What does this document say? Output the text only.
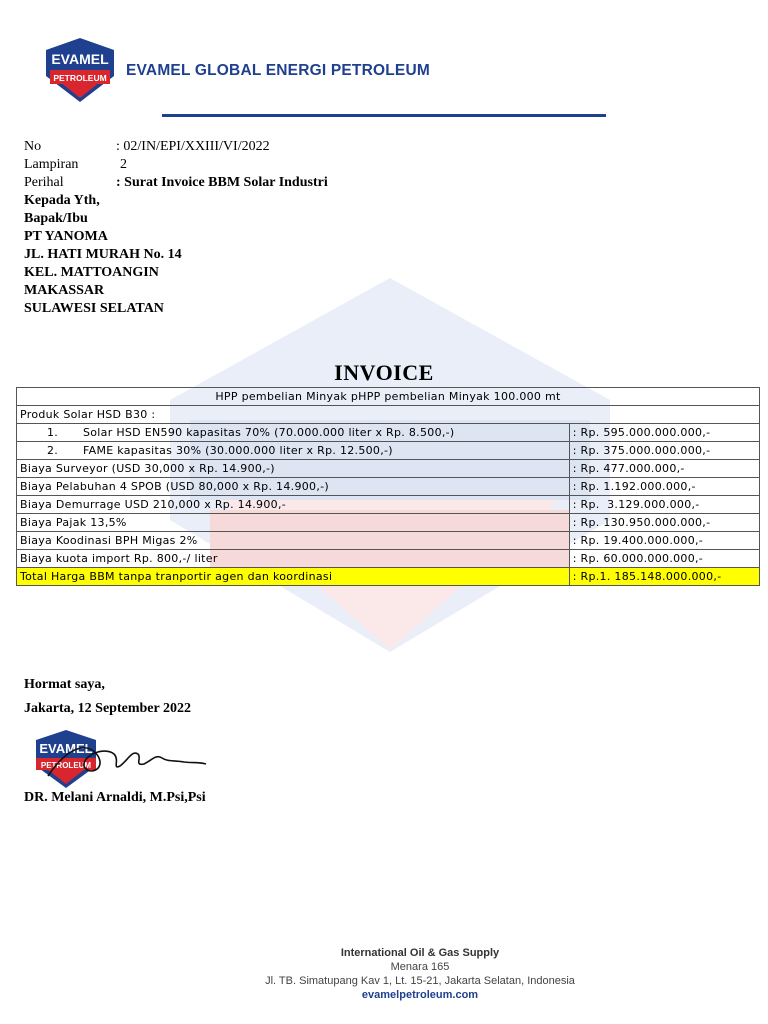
EVAMEL
PETROLEUM EVAMEL GLOBAL ENERGI PETROLEUM
No	: 02/IN/EPI/XXIII/VI/2022
Lampiran	2
Perihal	: Surat Invoice BBM Solar Industri
Kepada Yth,
Bapak/Ibu
PT YANOMA
JL. HATI MURAH No. 14
KEL. MATTOANGIN
MAKASSAR
SULAWESI SELATAN
INVOICE
HPP pembelian Minyak pHPP pembelian Minyak 100.000 mt	
Produk Solar HSD B30 :	
1. Solar HSD EN590 kapasitas 70% (70.000.000 liter x Rp. 8.500,-)	: Rp. 595.000.000.000,-
2. FAME kapasitas 30% (30.000.000 liter x Rp. 12.500,-)	: Rp. 375.000.000.000,-
Biaya Surveyor (USD 30,000 x Rp. 14.900,-)	: Rp. 477.000.000,-
Biaya Pelabuhan 4 SPOB (USD 80,000 x Rp. 14.900,-)	: Rp. 1.192.000.000,-
Biaya Demurrage USD 210,000 x Rp. 14.900,-	: Rp.  3.129.000.000,-
Biaya Pajak 13,5%	: Rp. 130.950.000.000,-
Biaya Koodinasi BPH Migas 2%	: Rp. 19.400.000.000,-
Biaya kuota import Rp. 800,-/ liter	: Rp. 60.000.000.000,-
Total Harga BBM tanpa tranportir agen dan koordinasi	: Rp.1. 185.148.000.000,-
Hormat saya,
Jakarta, 12 September 2022
EVAMEL
PETROLEUM
DR. Melani Arnaldi, M.Psi,Psi
International Oil & Gas Supply
Menara 165
Jl. TB. Simatupang Kav 1, Lt. 15-21, Jakarta Selatan, Indonesia
evamelpetroleum.com
